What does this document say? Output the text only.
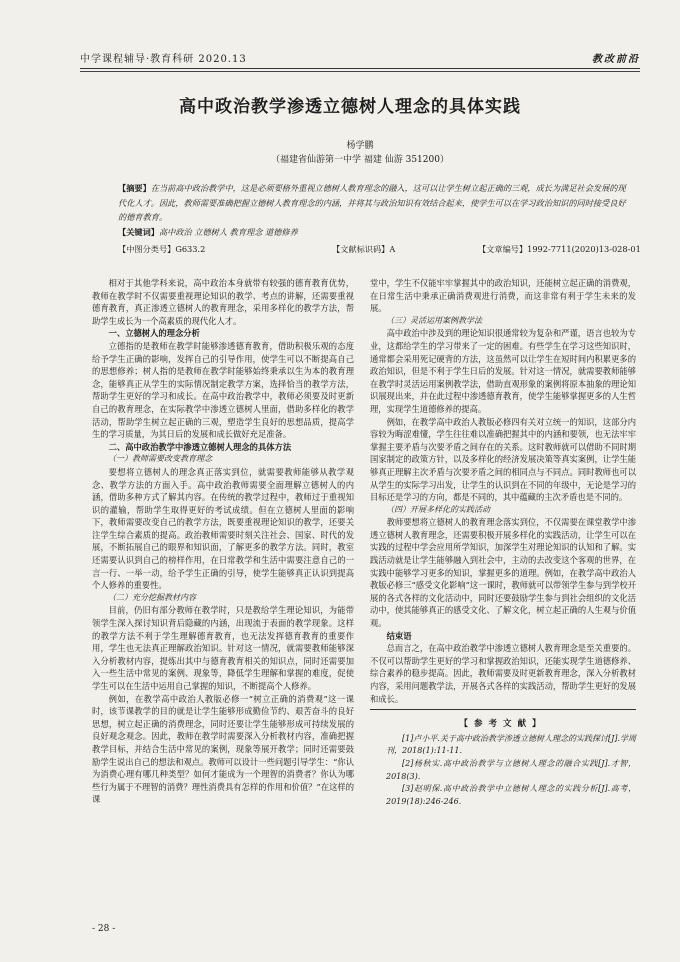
中学课程辅导·教育科研 2020.13	教改前沿
高中政治教学渗透立德树人理念的具体实践
杨学鹏
（福建省仙游第一中学 福建 仙游 351200）
【摘要】在当前高中政治教学中，这是必须要格外重视立德树人教育理念的融入，这可以让学生树立起正确的三观，成长为满足社会发展的现代化人才。因此，教师需要准确把握立德树人教育理念的内涵，并将其与政治知识有效结合起来，使学生可以在学习政治知识的同时接受良好的德育教育。
【关键词】高中政治 立德树人 教育理念 道德修养
【中图分类号】G633.2	【文献标识码】A	【文章编号】1992-7711(2020)13-028-01

相对于其他学科来说，高中政治本身就带有较强的德育教育优势，教师在教学时不仅需要重视理论知识的教学、考点的讲解，还需要重视德育教育，真正渗透立德树人的教育理念，采用多样化的教学方法，帮助学生成长为一个高素质的现代化人才。

一、立德树人的理念分析

立德指的是教师在教学时能够渗透德育教育，借助积极乐观的态度给予学生正确的影响，发挥自己的引导作用，使学生可以不断提高自己的思想修养；树人指的是教师在教学时能够始终秉承以生为本的教育理念，能够真正从学生的实际情况制定教学方案，选择恰当的教学方法，帮助学生更好的学习和成长。在高中政治教学中，教师必须要及时更新自己的教育理念，在实际教学中渗透立德树人里面，借助多样化的教学活动，帮助学生树立起正确的三观，塑造学生良好的思想品质，提高学生的学习质量，为其日后的发展和成长做好充足准备。

二、高中政治教学中渗透立德树人理念的具体方法

（一）教师需要改变教育理念

要想将立德树人的理念真正落实到位，就需要教师能够从教学观念、教学方法的方面入手。高中政治教师需要全面理解立德树人的内涵，借助多种方式了解其内容。在传统的教学过程中，教师过于重视知识的灌输，帮助学生取得更好的考试成绩。但在立德树人里面的影响下，教师需要改变自己的教学方法，既要重视理论知识的教学，还要关注学生综合素质的提高。政治教师需要时刻关注社会、国家、时代的发展，不断拓展自己的眼界和知识面，了解更多的教学方法。同时，教室还需要认识到自己的榜样作用，在日常教学和生活中需要注意自己的一言一行、一举一动，给予学生正确的引导，使学生能够真正认识到提高个人修养的重要性。

（二）充分挖掘教材内容

目前，仍旧有部分教师在教学时，只是教给学生理论知识，为能带领学生深入探讨知识背后隐藏的内涵，出现流于表面的教学现象。这样的教学方法不利于学生理解德育教育，也无法发挥德育教育的重要作用，学生也无法真正理解政治知识。针对这一情况，就需要教师能够深入分析教材内容，提炼出其中与德育教育相关的知识点，同时还需要加入一些生活中常见的案例、现象等，降低学生理解和掌握的难度，促使学生可以在生活中运用自己掌握的知识，不断提高个人修养。

例如，在教学高中政治人教版必修一“树立正确的消费观”这一课时，该节课教学的目的就是让学生能够形成勤俭节约、艰苦奋斗的良好思想，树立起正确的消费理念，同时还要让学生能够形成可持续发展的良好观念观念。因此，教师在教学时需要深入分析教材内容，准确把握教学目标，并结合生活中常见的案例，现象等展开教学；同时还需要鼓励学生说出自己的想法和观点。教师可以设计一些问题引导学生：“你认为消费心理有哪几种类型？如何才能成为一个理智的消费者？你认为哪些行为属于不理智的消费？理性消费具有怎样的作用和价值？”在这样的课

堂中，学生不仅能牢牢掌握其中的政治知识，还能树立起正确的消费观，在日常生活中秉承正确消费观进行消费，而这非常有利于学生未来的发展。

（三）灵活运用案例教学法

高中政治中涉及到的理论知识很通常较为复杂和严谨，语言也较为专业，这都给学生的学习带来了一定的困难。有些学生在学习这些知识时，通常都会采用死记硬背的方法，这虽然可以让学生在短时间内积累更多的政治知识，但是不利于学生日后的发展。针对这一情况，就需要教师能够在教学时灵活运用案例教学法，借助直观形象的案例将原本抽象的理论知识展现出来，并在此过程中渗透德育教育，使学生能够掌握更多的人生哲理，实现学生道德修养的提高。

例如，在教学高中政治人教版必修四有关对立统一的知识，这部分内容较为晦涩难懂，学生往往难以准确把握其中的内涵和要领，也无法牢牢掌握主要矛盾与次要矛盾之间存在的关系。这时教师就可以借助不同时期国家制定的政策方针，以及多样化的经济发展决策等真实案例，让学生能够真正理解主次矛盾与次要矛盾之间的相同点与不同点。同时教师也可以从学生的实际学习出发，让学生的认识到在不同的年级中，无论是学习的目标还是学习的方向，都是不同的，其中蕴藏的主次矛盾也是不同的。

（四）开展多样化的实践活动

教师要想将立德树人的教育理念落实到位，不仅需要在课堂教学中渗透立德树人教育理念，还需要积极开展多样化的实践活动，让学生可以在实践的过程中学会应用所学知识，加深学生对理论知识的认知和了解。实践活动就是让学生能够融入到社会中，主动的去改变这个客观的世界，在实践中能够学习更多的知识，掌握更多的道理。例如，在教学高中政治人教版必修三“感受文化影响”这一课时，教师就可以带领学生参与到学校开展的各式各样的文化活动中，同时还要鼓励学生参与到社会组织的文化活动中，使其能够真正的感受文化、了解文化，树立起正确的人生观与价值观。

结束语

总而言之，在高中政治教学中渗透立德树人教育理念是至关重要的。不仅可以帮助学生更好的学习和掌握政治知识，还能实现学生道德修养、综合素养的稳步提高。因此，教师需要及时更新教育理念，深入分析教材内容，采用问题教学法，开展各式各样的实践活动，帮助学生更好的发展和成长。

【参考文献】

[1]卢小平.关于高中政治教学渗透立德树人理念的实践探讨[J].学周刊，2018(1):11-11.

[2]杨秋实.高中政治教学与立德树人理念的融合实践[J].才智，2018(3).

[3]赵明保.高中政治教学中立德树人理念的实践分析[J].高考，2019(18):246-246.

- 28 -
